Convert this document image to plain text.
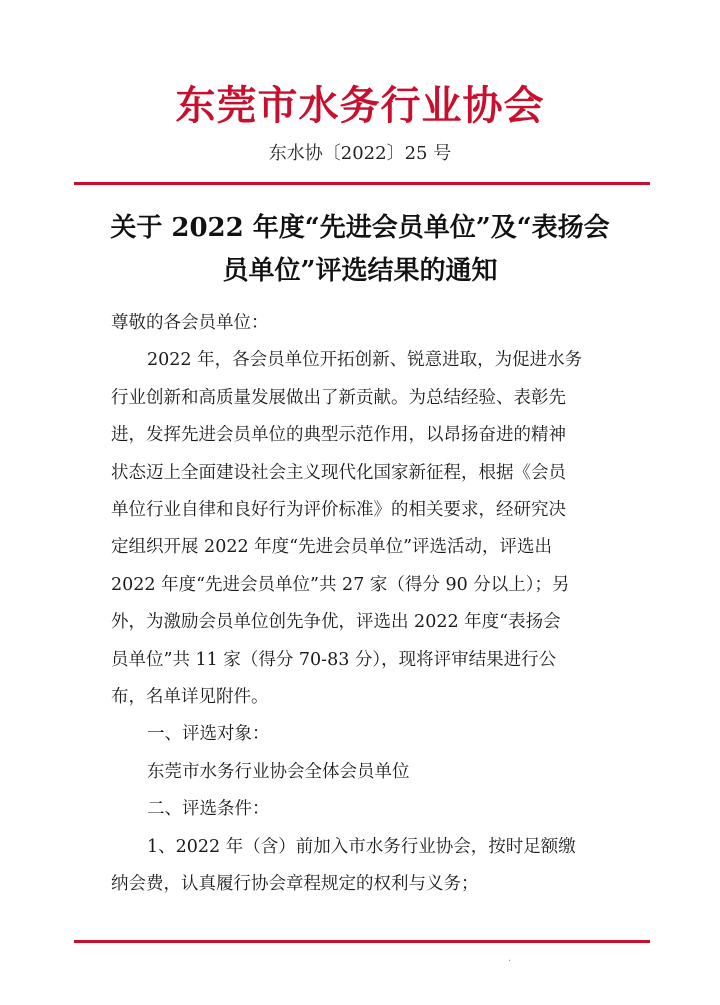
东莞市水务行业协会
东水协〔2022〕25 号
关于 2022 年度“先进会员单位”及“表扬会
员单位”评选结果的通知

尊敬的各会员单位：

2022 年，各会员单位开拓创新、锐意进取，为促进水务

行业创新和高质量发展做出了新贡献。为总结经验、表彰先

进，发挥先进会员单位的典型示范作用，以昂扬奋进的精神

状态迈上全面建设社会主义现代化国家新征程，根据《会员

单位行业自律和良好行为评价标准》的相关要求，经研究决

定组织开展 2022 年度“先进会员单位”评选活动，评选出

2022 年度“先进会员单位”共 27 家（得分 90 分以上）；另

外，为激励会员单位创先争优，评选出 2022 年度“表扬会

员单位”共 11 家（得分 70-83 分），现将评审结果进行公

布，名单详见附件。

一、评选对象：

东莞市水务行业协会全体会员单位

二、评选条件：

1、2022 年（含）前加入市水务行业协会，按时足额缴

纳会费，认真履行协会章程规定的权利与义务；

·
